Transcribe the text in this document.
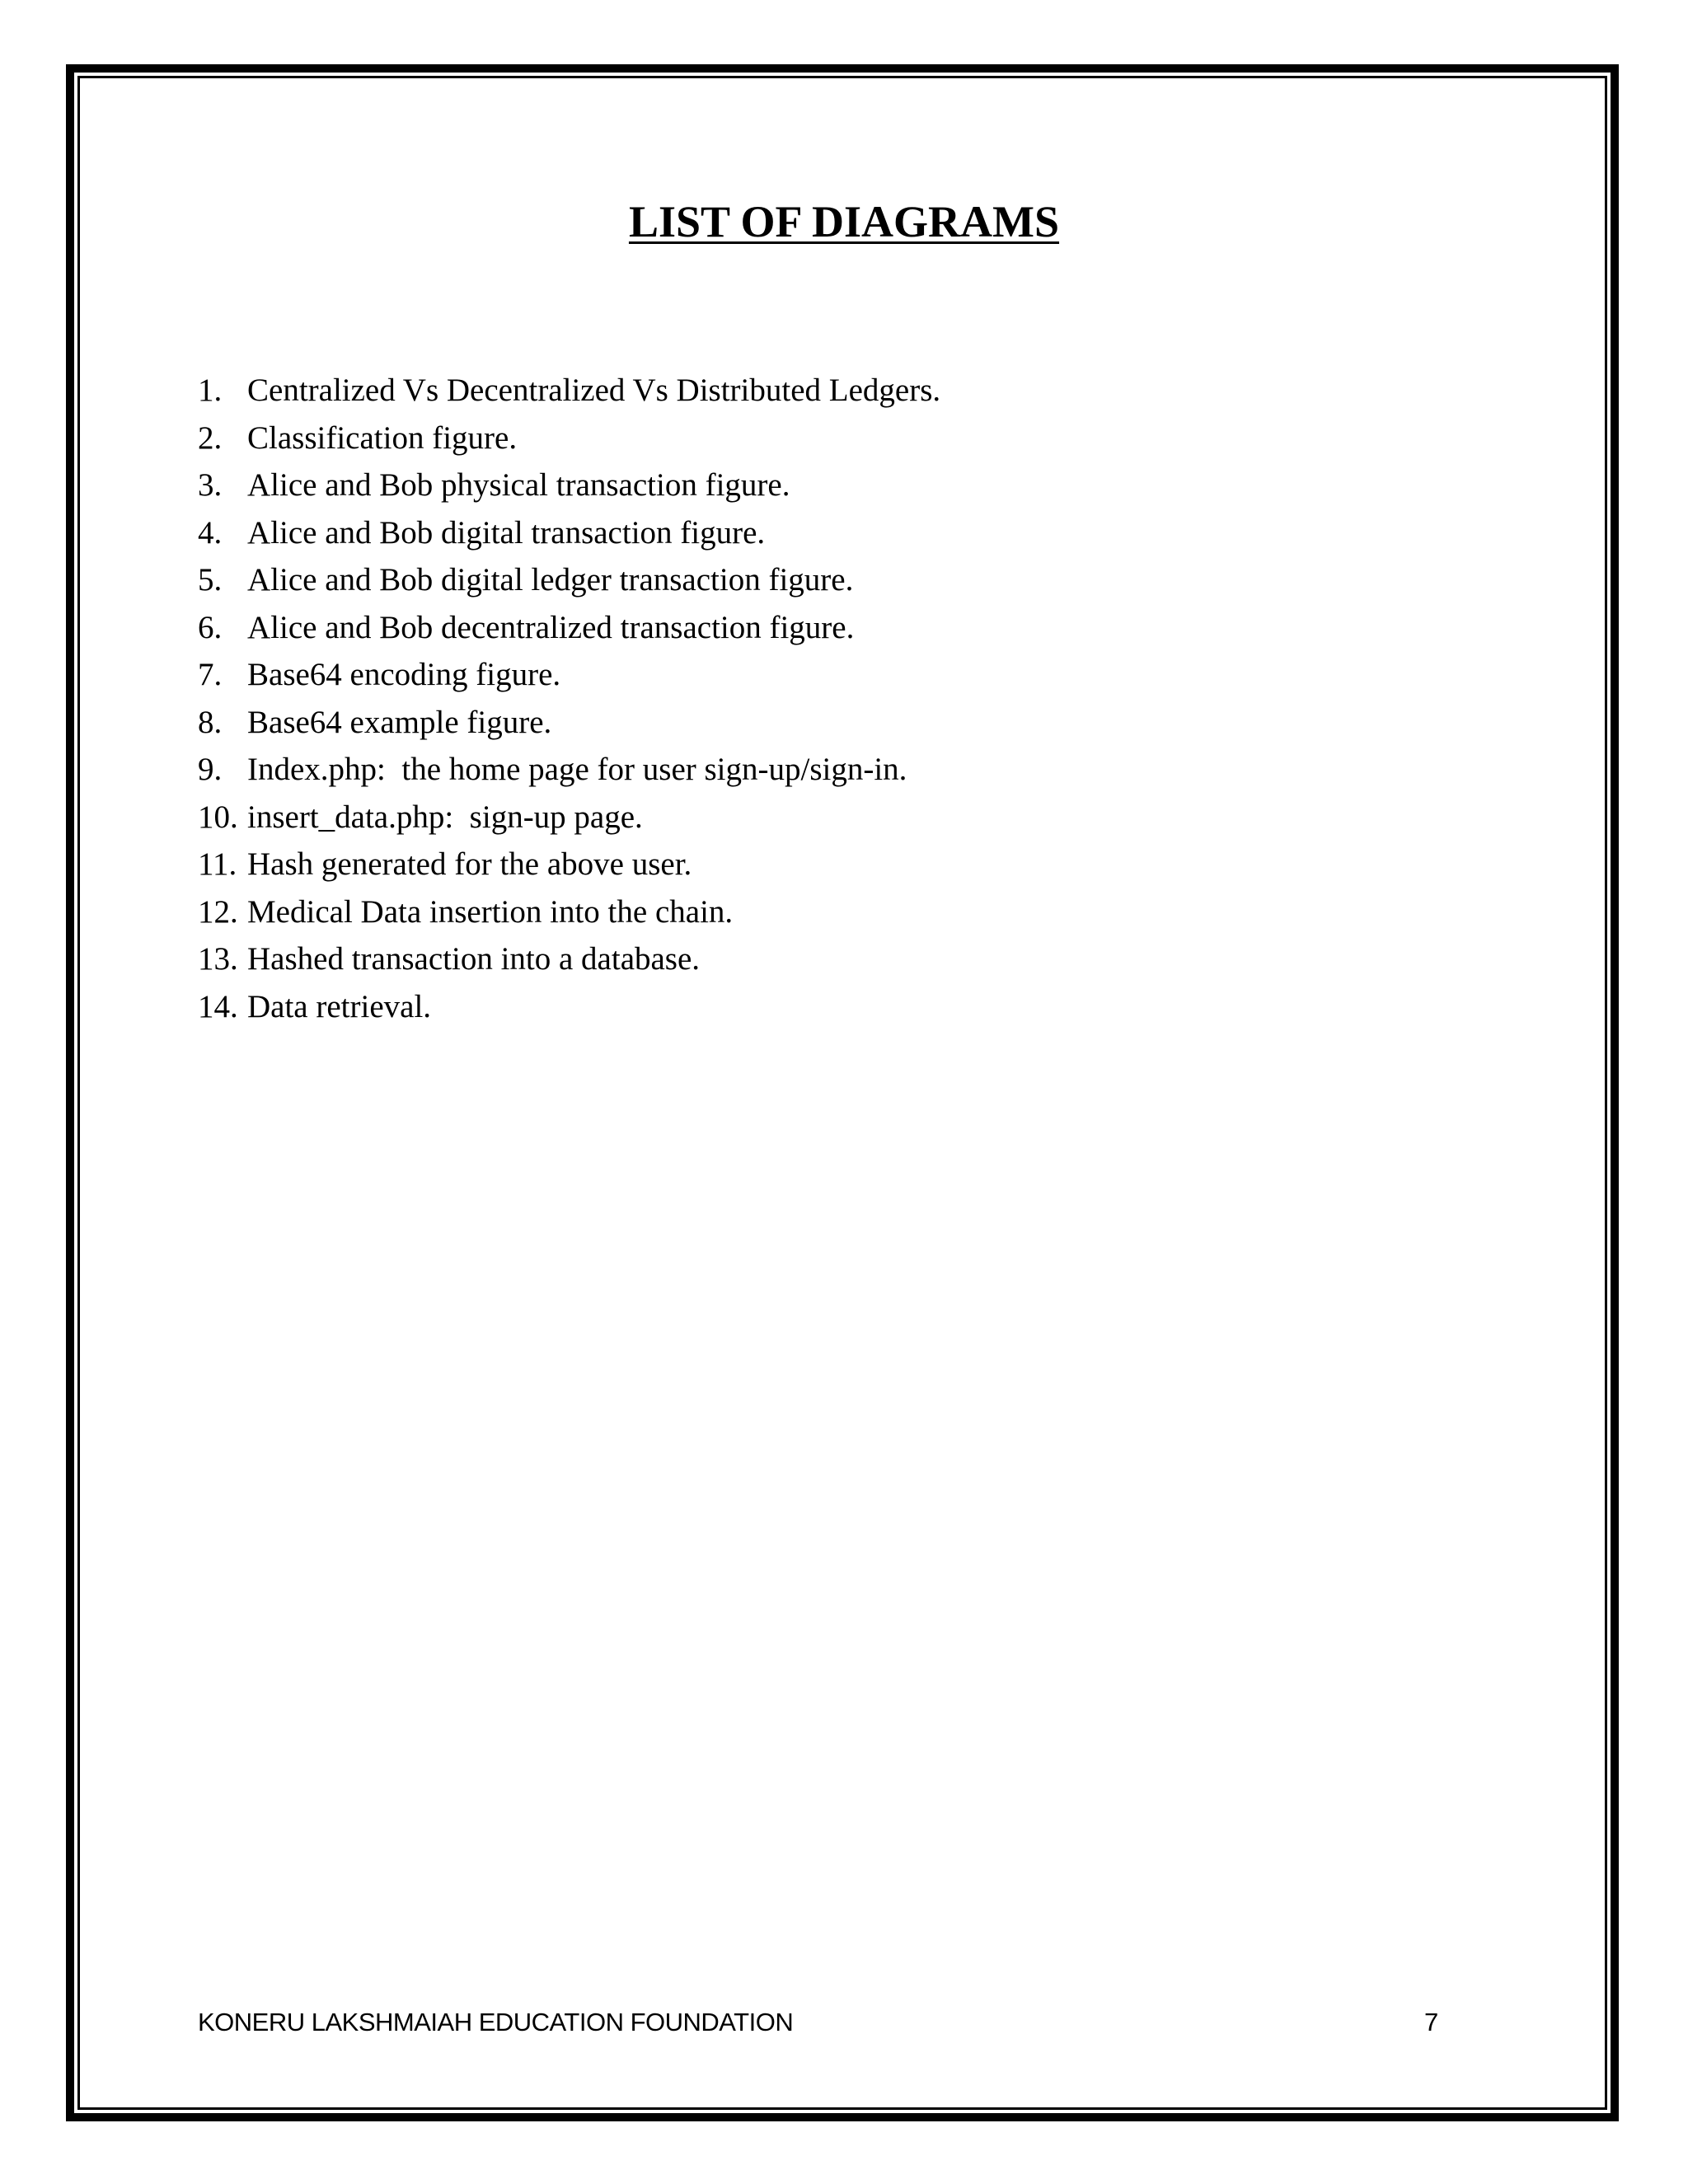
LIST OF DIAGRAMS
1. Centralized Vs Decentralized Vs Distributed Ledgers.
2. Classification figure.
3. Alice and Bob physical transaction figure.
4. Alice and Bob digital transaction figure.
5. Alice and Bob digital ledger transaction figure.
6. Alice and Bob decentralized transaction figure.
7. Base64 encoding figure.
8. Base64 example figure.
9. Index.php:  the home page for user sign-up/sign-in.
10. insert_data.php:  sign-up page.
11. Hash generated for the above user.
12. Medical Data insertion into the chain.
13. Hashed transaction into a database.
14. Data retrieval.
KONERU LAKSHMAIAH EDUCATION FOUNDATION	7
